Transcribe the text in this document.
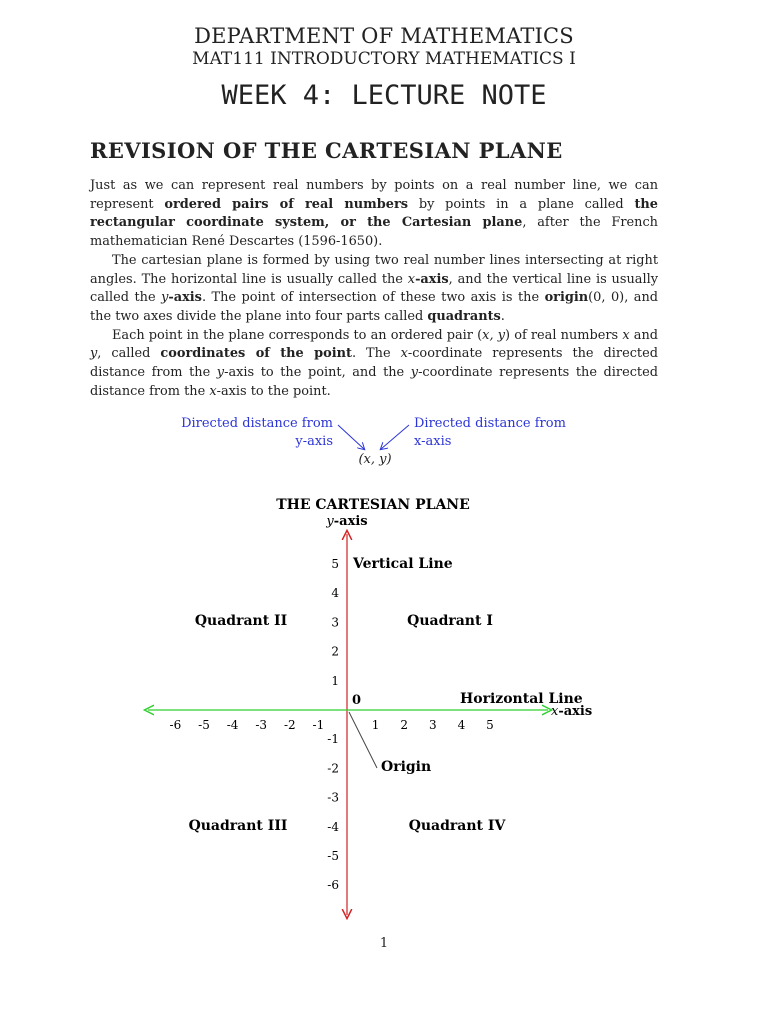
DEPARTMENT OF MATHEMATICS
MAT111 INTRODUCTORY MATHEMATICS I
WEEK 4: LECTURE NOTE
REVISION OF THE CARTESIAN PLANE

Just as we can represent real numbers by points on a real number line, we can represent ordered pairs of real numbers by points in a plane called the rectangular coordinate system, or the Cartesian plane, after the French mathematician René Descartes (1596-1650).

The cartesian plane is formed by using two real number lines intersecting at right angles. The horizontal line is usually called the x-axis, and the vertical line is usually called the y-axis. The point of intersection of these two axis is the origin(0, 0), and the two axes divide the plane into four parts called quadrants.

Each point in the plane corresponds to an ordered pair (x, y) of real numbers x and y, called coordinates of the point. The x-coordinate represents the directed distance from the y-axis to the point, and the y-coordinate represents the directed distance from the x-axis to the point.

Directed distance from y-axis
Directed distance from x-axis
(x, y)
THE CARTESIAN PLANE
y-axis
x-axis
0
Vertical Line
Horizontal Line
Origin
Quadrant II	Quadrant I
Quadrant III	Quadrant IV
-6 -5 -4 -3 -2 -1	1 2 3 4 5
5
4
3
2
1
-1
-2
-3
-4
-5
-6
1
